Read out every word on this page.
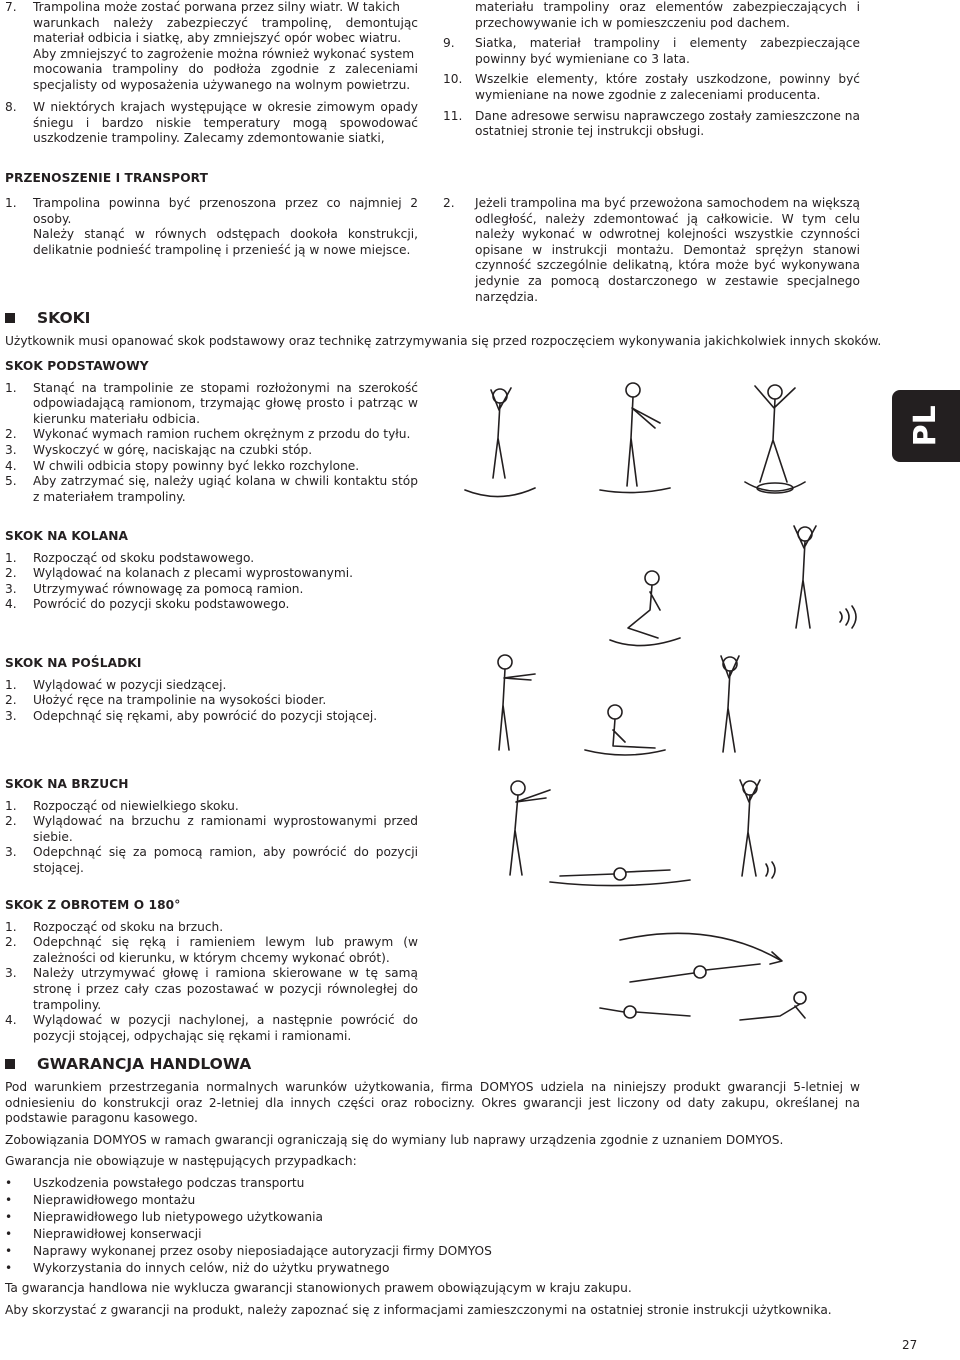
7.	Trampolina może zostać porwana przez silny wiatr. W takich
warunkach należy zabezpieczyć trampolinę, demontując
materiał odbicia i siatkę, aby zmniejszyć opór wobec wiatru.
Aby zmniejszyć to zagrożenie można również wykonać system
mocowania trampoliny do podłoża zgodnie z zaleceniami
specjalisty od wyposażenia używanego na wolnym powietrzu.
8.	W niektórych krajach występujące w okresie zimowym opady śniegu i bardzo niskie temperatury mogą spowodować uszkodzenie trampoliny. Zalecamy zdemontowanie siatki,
materiału trampoliny oraz elementów zabezpieczających i przechowywanie ich w pomieszczeniu pod dachem.
9.	Siatka, materiał trampoliny i elementy zabezpieczające powinny być wymieniane co 3 lata.
10.	Wszelkie elementy, które zostały uszkodzone, powinny być wymieniane na nowe zgodnie z zaleceniami producenta.
11.	Dane adresowe serwisu naprawczego zostały zamieszczone na ostatniej stronie tej instrukcji obsługi.
PRZENOSZENIE I TRANSPORT
1.	Trampolina powinna być przenoszona przez co najmniej 2 osoby.
Należy stanąć w równych odstępach dookoła konstrukcji, delikatnie podnieść trampolinę i przenieść ją w nowe miejsce.
2.	Jeżeli trampolina ma być przewożona samochodem na większą odległość, należy zdemontować ją całkowicie. W tym celu należy wykonać w odwrotnej kolejności wszystkie czynności opisane w instrukcji montażu. Demontaż sprężyn stanowi czynność szczególnie delikatną, która może być wykonywana jedynie za pomocą dostarczonego w zestawie specjalnego narzędzia.
SKOKI
Użytkownik musi opanować skok podstawowy oraz technikę zatrzymywania się przed rozpoczęciem wykonywania jakichkolwiek innych skoków.
SKOK PODSTAWOWY
1.	Stanąć na trampolinie ze stopami rozłożonymi na szerokość odpowiadającą ramionom, trzymając głowę prosto i patrząc w kierunku materiału odbicia.
2.	Wykonać wymach ramion ruchem okrężnym z przodu do tyłu.
3.	Wyskoczyć w górę, naciskając na czubki stóp.
4.	W chwili odbicia stopy powinny być lekko rozchylone.
5.	Aby zatrzymać się, należy ugiąć kolana w chwili kontaktu stóp z materiałem trampoliny.
SKOK NA KOLANA
1.	Rozpocząć od skoku podstawowego.
2.	Wylądować na kolanach z plecami wyprostowanymi.
3.	Utrzymywać równowagę za pomocą ramion.
4.	Powrócić do pozycji skoku podstawowego.
SKOK NA POŚLADKI
1.	Wylądować w pozycji siedzącej.
2.	Ułożyć ręce na trampolinie na wysokości bioder.
3.	Odepchnąć się rękami, aby powrócić do pozycji stojącej.
SKOK NA BRZUCH
1.	Rozpocząć od niewielkiego skoku.
2.	Wylądować na brzuchu z ramionami wyprostowanymi przed siebie.
3.	Odepchnąć się za pomocą ramion, aby powrócić do pozycji stojącej.
SKOK Z OBROTEM O 180°
1.	Rozpocząć od skoku na brzuch.
2.	Odepchnąć się ręką i ramieniem lewym lub prawym (w zależności od kierunku, w którym chcemy wykonać obrót).
3.	Należy utrzymywać głowę i ramiona skierowane w tę samą stronę i przez cały czas pozostawać w pozycji równoległej do trampoliny.
4.	Wylądować w pozycji nachylonej, a następnie powrócić do pozycji stojącej, odpychając się rękami i ramionami.
PL
GWARANCJA HANDLOWA
Pod warunkiem przestrzegania normalnych warunków użytkowania, firma DOMYOS udziela na niniejszy produkt gwarancji 5-letniej w odniesieniu do konstrukcji oraz 2-letniej dla innych części oraz robocizny. Okres gwarancji jest liczony od daty zakupu, określanej na podstawie paragonu kasowego.
Zobowiązania DOMYOS w ramach gwarancji ograniczają się do wymiany lub naprawy urządzenia zgodnie z uznaniem DOMYOS.
Gwarancja nie obowiązuje w następujących przypadkach:
•	Uszkodzenia powstałego podczas transportu
•	Nieprawidłowego montażu
•	Nieprawidłowego lub nietypowego użytkowania
•	Nieprawidłowej konserwacji
•	Naprawy wykonanej przez osoby nieposiadające autoryzacji firmy DOMYOS
•	Wykorzystania do innych celów, niż do użytku prywatnego
Ta gwarancja handlowa nie wyklucza gwarancji stanowionych prawem obowiązującym w kraju zakupu.
Aby skorzystać z gwarancji na produkt, należy zapoznać się z informacjami zamieszczonymi na ostatniej stronie instrukcji użytkownika.
27
